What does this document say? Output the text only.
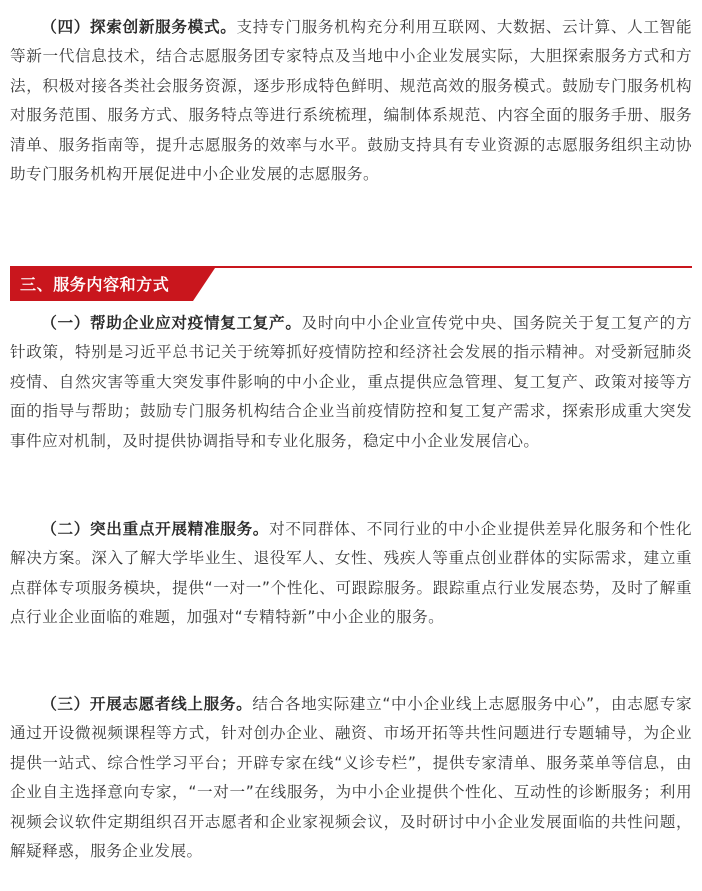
（四）探索创新服务模式。支持专门服务机构充分利用互联网、大数据、云计算、人工智能等新一代信息技术，结合志愿服务团专家特点及当地中小企业发展实际，大胆探索服务方式和方法，积极对接各类社会服务资源，逐步形成特色鲜明、规范高效的服务模式。鼓励专门服务机构对服务范围、服务方式、服务特点等进行系统梳理，编制体系规范、内容全面的服务手册、服务清单、服务指南等，提升志愿服务的效率与水平。鼓励支持具有专业资源的志愿服务组织主动协助专门服务机构开展促进中小企业发展的志愿服务。

三、服务内容和方式

（一）帮助企业应对疫情复工复产。及时向中小企业宣传党中央、国务院关于复工复产的方针政策，特别是习近平总书记关于统筹抓好疫情防控和经济社会发展的指示精神。对受新冠肺炎疫情、自然灾害等重大突发事件影响的中小企业，重点提供应急管理、复工复产、政策对接等方面的指导与帮助；鼓励专门服务机构结合企业当前疫情防控和复工复产需求，探索形成重大突发事件应对机制，及时提供协调指导和专业化服务，稳定中小企业发展信心。

（二）突出重点开展精准服务。对不同群体、不同行业的中小企业提供差异化服务和个性化解决方案。深入了解大学毕业生、退役军人、女性、残疾人等重点创业群体的实际需求，建立重点群体专项服务模块，提供“一对一”个性化、可跟踪服务。跟踪重点行业发展态势，及时了解重点行业企业面临的难题，加强对“专精特新”中小企业的服务。

（三）开展志愿者线上服务。结合各地实际建立“中小企业线上志愿服务中心”，由志愿专家通过开设微视频课程等方式，针对创办企业、融资、市场开拓等共性问题进行专题辅导，为企业提供一站式、综合性学习平台；开辟专家在线“义诊专栏”，提供专家清单、服务菜单等信息，由企业自主选择意向专家，“一对一”在线服务，为中小企业提供个性化、互动性的诊断服务；利用视频会议软件定期组织召开志愿者和企业家视频会议，及时研讨中小企业发展面临的共性问题，解疑释惑，服务企业发展。
